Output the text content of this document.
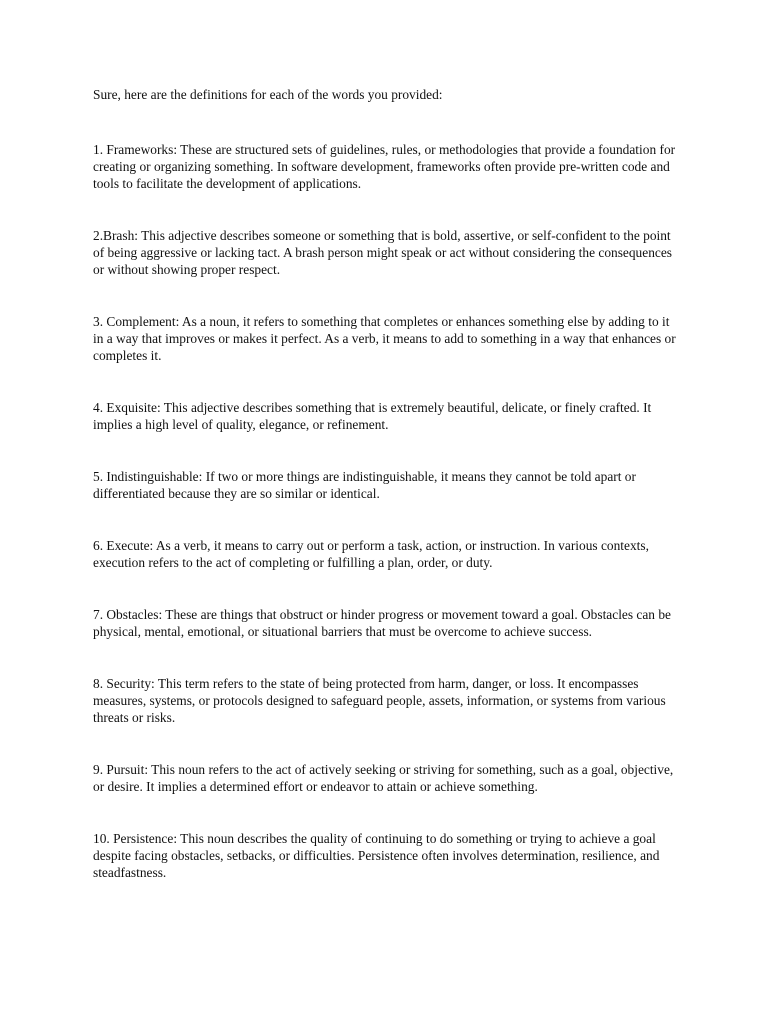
Sure, here are the definitions for each of the words you provided:

1. Frameworks: These are structured sets of guidelines, rules, or methodologies that provide a foundation for creating or organizing something. In software development, frameworks often provide pre-written code and tools to facilitate the development of applications.
2.Brash: This adjective describes someone or something that is bold, assertive, or self-confident to the point of being aggressive or lacking tact. A brash person might speak or act without considering the consequences or without showing proper respect.
3. Complement: As a noun, it refers to something that completes or enhances something else by adding to it in a way that improves or makes it perfect. As a verb, it means to add to something in a way that enhances or completes it.
4. Exquisite: This adjective describes something that is extremely beautiful, delicate, or finely crafted. It implies a high level of quality, elegance, or refinement.
5. Indistinguishable: If two or more things are indistinguishable, it means they cannot be told apart or differentiated because they are so similar or identical.
6. Execute: As a verb, it means to carry out or perform a task, action, or instruction. In various contexts, execution refers to the act of completing or fulfilling a plan, order, or duty.
7. Obstacles: These are things that obstruct or hinder progress or movement toward a goal. Obstacles can be physical, mental, emotional, or situational barriers that must be overcome to achieve success.
8. Security: This term refers to the state of being protected from harm, danger, or loss. It encompasses measures, systems, or protocols designed to safeguard people, assets, information, or systems from various threats or risks.
9. Pursuit: This noun refers to the act of actively seeking or striving for something, such as a goal, objective, or desire. It implies a determined effort or endeavor to attain or achieve something.
10. Persistence: This noun describes the quality of continuing to do something or trying to achieve a goal despite facing obstacles, setbacks, or difficulties. Persistence often involves determination, resilience, and steadfastness.
